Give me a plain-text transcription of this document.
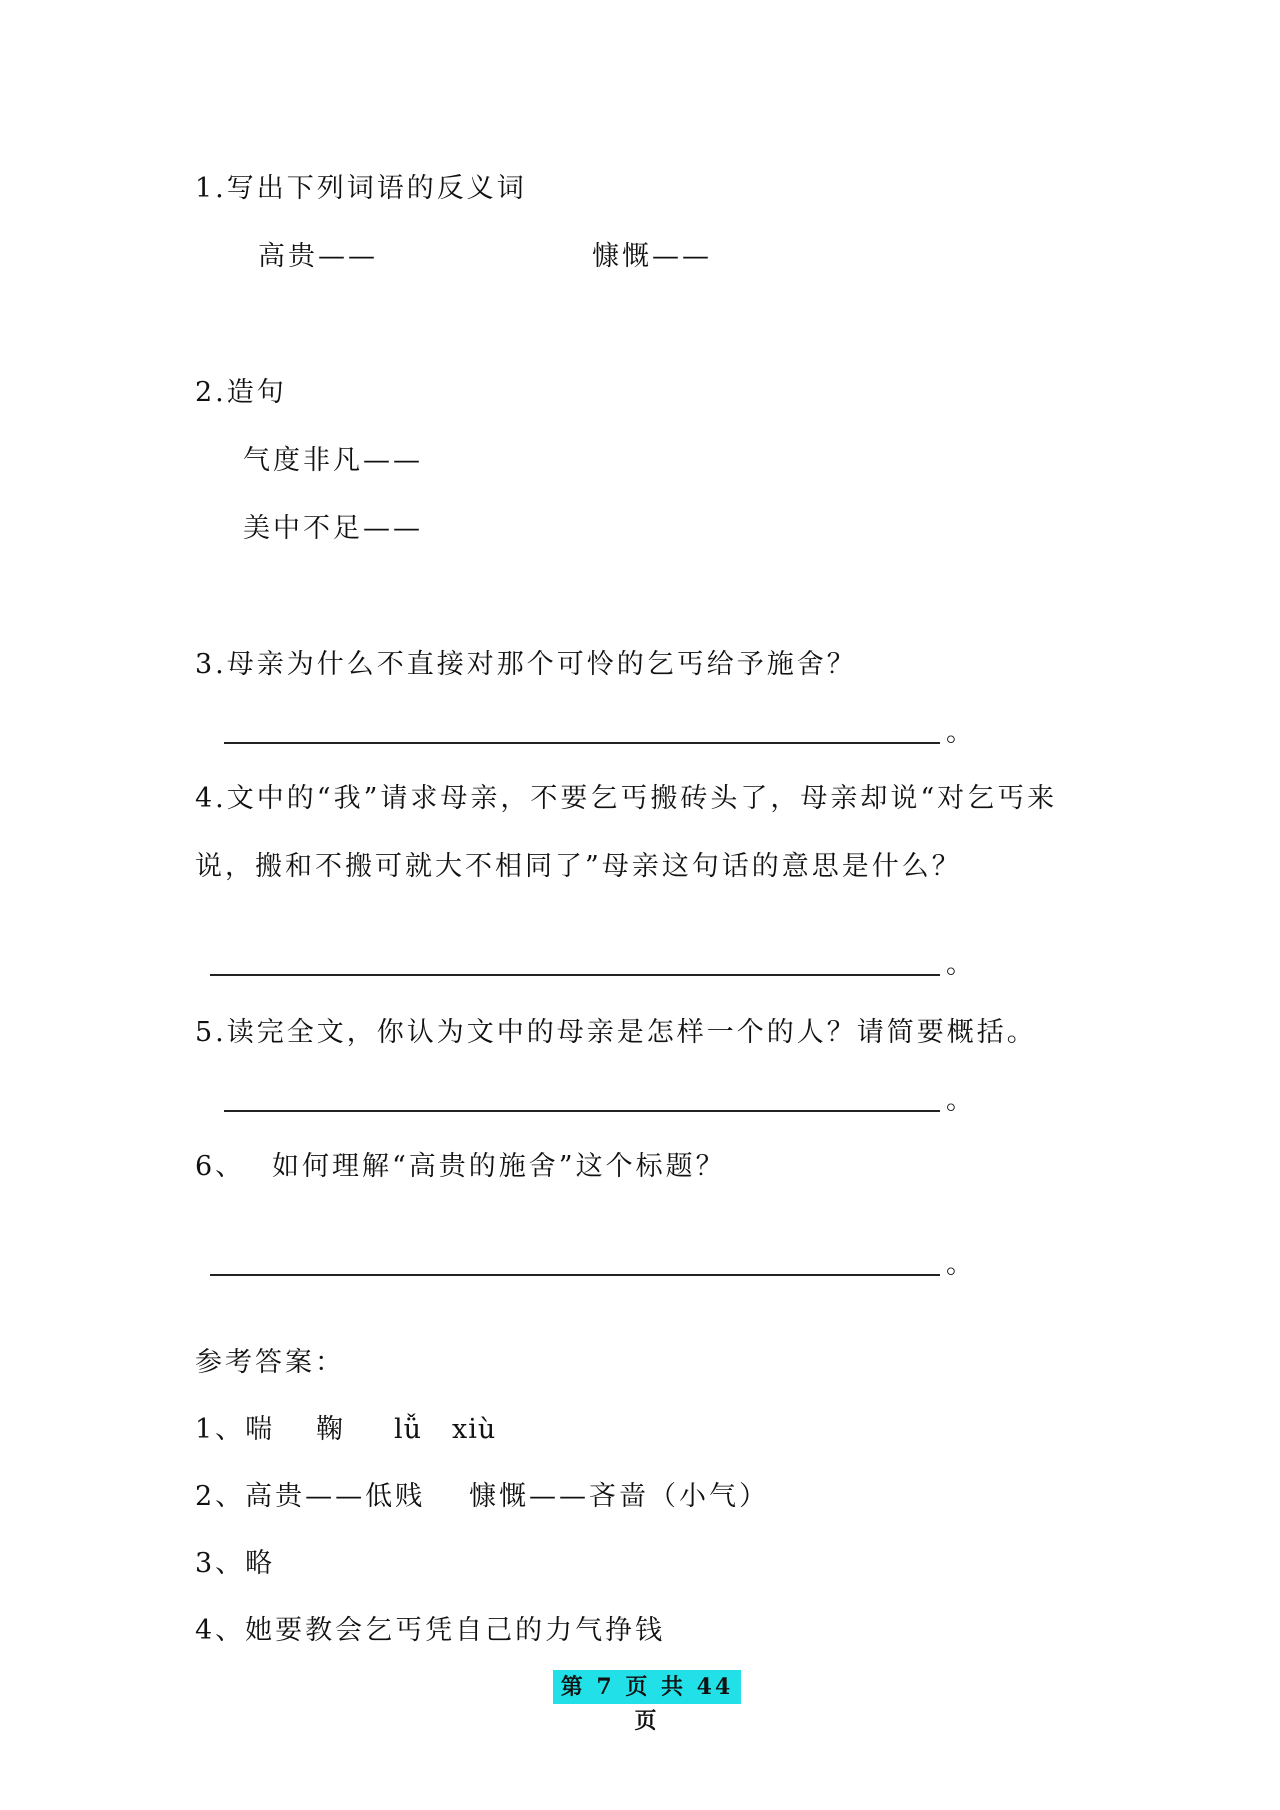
1.写出下列词语的反义词
高贵——	慷慨——
2.造句
气度非凡——
美中不足——
3.母亲为什么不直接对那个可怜的乞丐给予施舍？
。
4.文中的“我”请求母亲，不要乞丐搬砖头了，母亲却说“对乞丐来
说，搬和不搬可就大不相同了”母亲这句话的意思是什么？
。
5.读完全文，你认为文中的母亲是怎样一个的人？请简要概括。
。
6、 如何理解“高贵的施舍”这个标题？
。
参考答案：
1、喘 鞠 lǚ xiù
2、高贵——低贱 慷慨——吝啬（小气）
3、略
4、她要教会乞丐凭自己的力气挣钱
第 7 页 共 44 页
